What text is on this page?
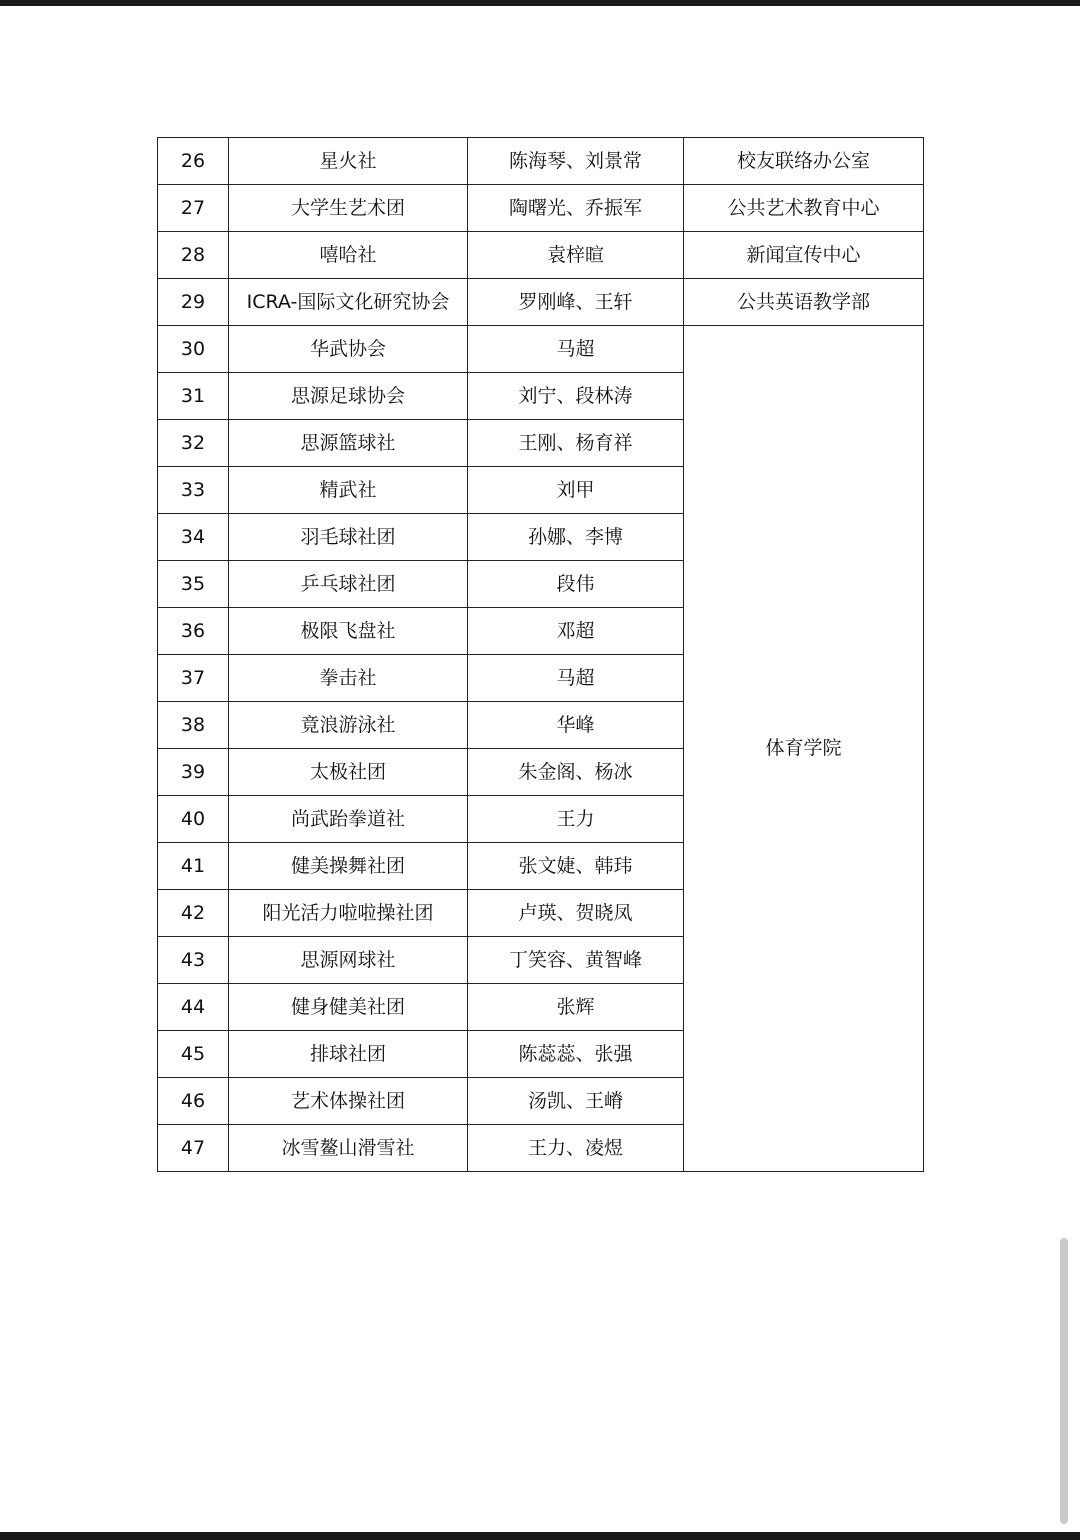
26	星火社	陈海琴、刘景常	校友联络办公室
27	大学生艺术团	陶曙光、乔振军	公共艺术教育中心
28	嘻哈社	袁梓暄	新闻宣传中心
29	ICRA-国际文化研究协会	罗刚峰、王轩	公共英语教学部
30	华武协会	马超	体育学院
31	思源足球协会	刘宁、段林涛	
32	思源篮球社	王刚、杨育祥	
33	精武社	刘甲	
34	羽毛球社团	孙娜、李博	
35	乒乓球社团	段伟	
36	极限飞盘社	邓超	
37	拳击社	马超	
38	竟浪游泳社	华峰	
39	太极社团	朱金阁、杨冰	
40	尚武跆拳道社	王力	
41	健美操舞社团	张文婕、韩玮	
42	阳光活力啦啦操社团	卢瑛、贺晓凤	
43	思源网球社	丁笑容、黄智峰	
44	健身健美社团	张辉	
45	排球社团	陈蕊蕊、张强	
46	艺术体操社团	汤凯、王嵴	
47	冰雪鳌山滑雪社	王力、凌煜	
